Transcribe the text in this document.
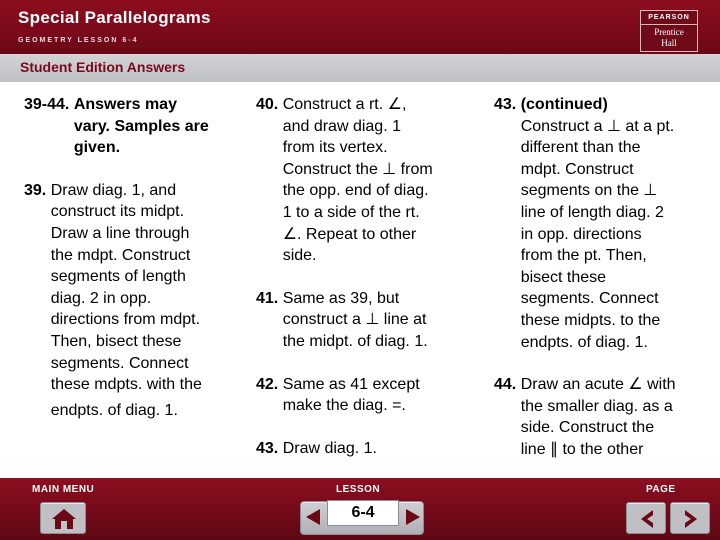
Special Parallelograms
GEOMETRY LESSON 6-4
PEARSON
Prentice
Hall
Student Edition Answers
39-44. Answers may
vary. Samples are
given.
39. Draw diag. 1, and
construct its midpt.
Draw a line through
the mdpt. Construct
segments of length
diag. 2 in opp.
directions from mdpt.
Then, bisect these
segments. Connect
these mdpts. with the
endpts. of diag. 1.
40. Construct a rt. ∠,
and draw diag. 1
from its vertex.
Construct the ⊥ from
the opp. end of diag.
1 to a side of the rt.
∠. Repeat to other
side.
41. Same as 39, but
construct a ⊥ line at
the midpt. of diag. 1.
42. Same as 41 except
make the diag. =.
43. Draw diag. 1.
43. (continued)
Construct a ⊥ at a pt.
different than the
mdpt. Construct
segments on the ⊥
line of length diag. 2
in opp. directions
from the pt. Then,
bisect these
segments. Connect
these midpts. to the
endpts. of diag. 1.
44. Draw an acute ∠ with
the smaller diag. as a
side. Construct the
line ∥ to the other
MAIN MENU	LESSON	PAGE
6-4
